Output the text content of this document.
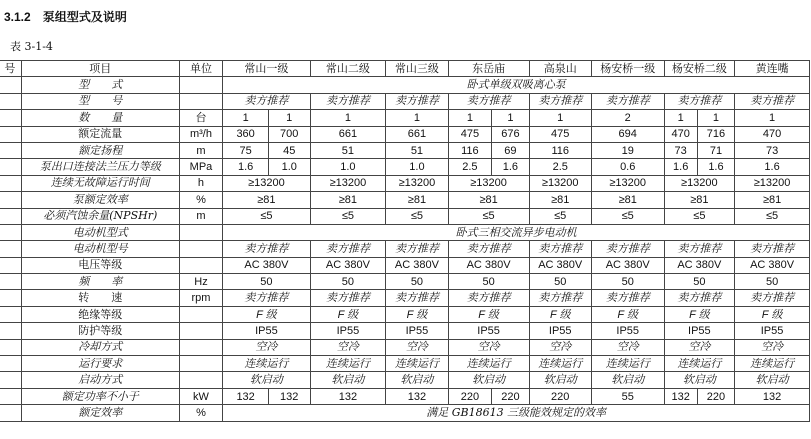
3.1.2 泵组型式及说明
表 3-1-4
号	项目	单位	常山一级		常山二级	常山三级	东岳庙		高泉山	杨安桥一级	杨安桥二级		黄连嘴
	型　　式		卧式单级双吸离心泵										
	型　　号		卖方推荐		卖方推荐	卖方推荐	卖方推荐		卖方推荐	卖方推荐	卖方推荐		卖方推荐
	数　　量	台	1	1	1	1	1	1	1	2	1	1	1
	额定流量	m³/h	360	700	661	661	475	676	475	694	470	716	470
	额定扬程	m	75	45	51	51	116	69	116	19	73	71	73
	泵出口连接法兰压力等级	MPa	1.6	1.0	1.0	1.0	2.5	1.6	2.5	0.6	1.6	1.6	1.6
	连续无故障运行时间	h	≥13200		≥13200	≥13200	≥13200		≥13200	≥13200	≥13200		≥13200
	泵额定效率	%	≥81		≥81	≥81	≥81		≥81	≥81	≥81		≥81
	必须汽蚀余量(NPSHr)	m	≤5		≤5	≤5	≤5		≤5	≤5	≤5		≤5
	电动机型式		卧式三相交流异步电动机										
	电动机型号		卖方推荐		卖方推荐	卖方推荐	卖方推荐		卖方推荐	卖方推荐	卖方推荐		卖方推荐
	电压等级		AC 380V		AC 380V	AC 380V	AC 380V		AC 380V	AC 380V	AC 380V		AC 380V
	频　　率	Hz	50		50	50	50		50	50	50		50
	转　　速	rpm	卖方推荐		卖方推荐	卖方推荐	卖方推荐		卖方推荐	卖方推荐	卖方推荐		卖方推荐
	绝缘等级		F 级		F 级	F 级	F 级		F 级	F 级	F 级		F 级
	防护等级		IP55		IP55	IP55	IP55		IP55	IP55	IP55		IP55
	冷却方式		空冷		空冷	空冷	空冷		空冷	空冷	空冷		空冷
	运行要求		连续运行		连续运行	连续运行	连续运行		连续运行	连续运行	连续运行		连续运行
	启动方式		软启动		软启动	软启动	软启动		软启动	软启动	软启动		软启动
	额定功率不小于	kW	132	132	132	132	220	220	220	55	132	220	132
	额定效率	%	满足 GB18613 三级能效规定的效率										
